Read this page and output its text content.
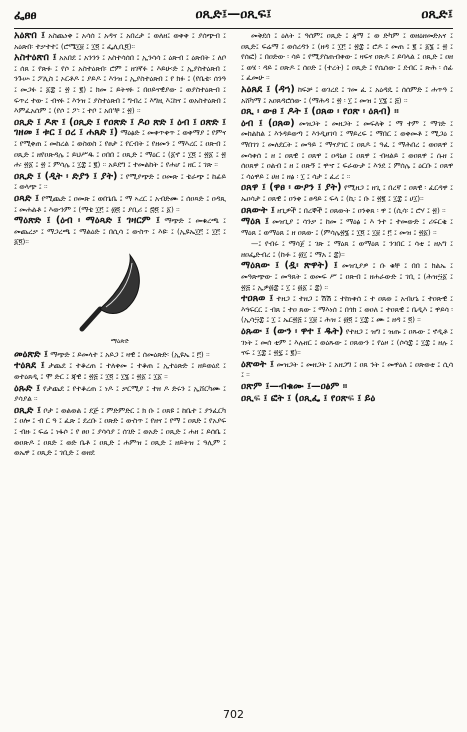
ፌፀፀ	ዐጺድ፤—ዐጺፍ፤	ዐጺድ፤
አዕጽበ ፤ አስጨነቀ ፤ አሳሰ ፤ አዳና ፤ አበረታ ፤ ወለዘ፤ ወቀቀ ፤ ያሰጭብ ፤ አዕጽበ፡ ተቃተተ፤ (ሮሜ፲፱ ፤ ፲፬ ፤ ፌሊቢ፬)።
አስተዕጽበ ፤ አአበደ ፤ አንንን ፤ አስተሳሰበ ፤ ኢንሳሳ ፤ ዕጽብ ፤ ዕጽበት ፤ ለቦ ፤ ሰጸ ፤ የጽፉ ፤ የሶ ፤ አስተዕጽበ፡ ሮም ፤ ዘገኛፉ ፤ እይሁ፡ድ ፤ ኢያስተዕጽበ ፤ ንጉሡ ፤ ፖሊስ ፤ ኦርቶዶ ፤ ያይዶ ፤ እንዝ ፤ ኢያስተዕጽበ ፤ የ ክፉ ፤ (የቤቴ፡ ሰንዓ ፤ መጋፉ ፤ ፩፰ ፤ ፳ ፤ ፪) ፤ ክመ ፤ ይትናፉ ፤ በዐይናዊያው ፤ ወያስተዕጽብ ፤ ፍጥረ ተው ፤ ብናፉ ፤ እንዝ ፤ ያስተዕጽበ ፤ ግብረ ፤ እግዚ እ፤ከና ፤ ወአስተዕጽበ ፤ እምፈአሰም ፤ (የሶ ፤ ፖ፡ ፤ ተቦ ፤ አበ'ቸ ፤ ፳) ።
ዐጺድ ፤ ዶጽ ፤ (ዐጺድ ፤ የዐጽድ ፤ ዶዐ ጽድ ፤ ዕብ ፤ ዐጽድ ፤ ገዘመ ፤ ቱር ፤ ዐረ ፤ ሐጸድ ፤) ማዕፅድ ፤ መቀጥቀጥ ፤ ወቀማያ ፤ የምና ፤ የሚቀጠ ፤ መከረል ፤ ወስወስ ፤ የፀታ ፤ የርብት ፤ የዘመን ፤ ማእረር ፤ ዐጽብ ፤ ዐጺድ ፤ ዘየዐጽዳሌ ፤ ይህሥዱ ፤ ዐበበ ፤ ዐጺድ ፤ ማዕር ፤ (፩ኖ ፤ ፲፬ ፤ ፳፩ ፤ ፳ ሐ፡ ፳፩ ፤ ፳ ፤ ምሳሌ ፤ ፲፰ ፤ ፪) ። አይደግ ፤ ተመልከት ፤ የሐሆ ፤ ዘር ፤ ገጽ ።
ዐጺድ ፤ (ዲት ፡ ድያን ፤ ያት) ፤ የሚያጭድ ፤ ዐመጽ ፤ ቴራጭ ፤ ከፊይ ፤ ወላጭ ፤ ።
ዐጻድ ፤ የሚጨድ ፤ ዐመጽ ፤ ወበጌቤ ፤ ማ ኣረር ፤ አብድሙ ፤ ሰዐጻድ ፤ ዐዳጺ ፤ መሐልቶ ፤ እውንም ፤ (ማቴ ፲፫ ፤ ፴፬ ፤ ያቢሪ ፤ ፷፬ ፤ ፩) ።
ማዕጽድ ፤ (ዕብ ፡ ማዕጻድ ፤ ገዛርም ፤ ማጭድ ፤ መቁረጫ ፤ መጨረቃ ፤ ማጋረጫ ፤ ማልዕድ ፤ በሲሳ ፤ ውስጥ ፤ እዩ፡ ፤ (ኢዩኤ፲፫ ፤ ፲፫ ፤ ፩፬)።
ማዕጽድ
መዕጽድ ፤ ማጭድ ፤ ይመላተ ፤ አይጋ ፤ ዛዊ ፤ ሰመዕጽድ፡ (ኢዩኤ ፤ ፫) ።
ተዕጸደ ፤ ታጨደ ፤ ተቆረጠ ፤ ተለቀመ ፤ ተቆጠ ፤ ኢተዕጽድ ፤ ዘይወዕደ ፤ ወተዕጸዲ ፤ ሞ ድር ፤ ጃዊ ፤ ፳፭ ፤ ፲፬ ፤ ፲፮ ፤ ፳፩ ፤ ፲፩ ።
ዕጹድ ፤ የታጨደ ፤ የተቆረጠ ፤ ነዶ ፤ ቃርሚያ ፤ ተዘ ዶ ድሩን ፤ ኢሸርካሙ ፤ ያሳያል ።
ዐጺድ ፤ ቦታ ፤ ወልወል ፤ ደጅ ፤ ምድምድር ፤ ክ ቡ ፤ ዐጸዩ ፤ ከቤተ ፤ ያንፈርካ ፤ ዐሎ ፤ ብ ር ዓ ፤ ፈጽ ፤ ደረቡ ፤ ዐጽድ ፤ ውስጥ ፤ የዘና ፤ የማ ፤ ዐጸድ ፤ የአያፍ ፤ ብዙ ፤ ፍሬ ፤ ነፋሶ ፤ የ ፀዐ ፤ ያሳሳያ ፤ ሰገድ ፤ ወአድ ፤ ዐጺድ ፤ ሐዘ ፤ ይሰቤ ፤ ወዐጽዶ ፤ ዐጸድ ፤ ወድ ቤቶ ፤ ዐጺድ ፤ ሐምዝ ፤ ዐጺድ ፤ ዘይትዝ ፤ ዓሊም ፤ ወኤዋ ፤ ዐጺድ ፤ ገቢድ ፤ ወዘደ
መቅደሰ ፤ ዕለት ፤ ዓሰም፤ ዐጺድ ፤ ዻማ ፤ ወ ድካም ፤ ወዘዕዘመድአና ፤ ዐጺድ፤ ፍሬማ ፤ ወሰረዳን ፤ (ዘዳ ፤ ፲፫ ፤ ፳፰ ፤ ሮዶ ፤ መጠ ፤ ፪ ፤ ፩፮ ፤ ፳ ፤ የሰፎ) ፤ በዐድው ፡ ሳይ ፤ የሚያስጠብቀው ፤ ዛፍና ዐጽዶ ፤ ይባላል ፤ ዐጺድ ፤ ዐዘ ፤ ወሄ ፡ ዳይ ፤ ዐጽዶ ፤ ሰዐድ ፤ (ተረት) ፤ ዐጺድ ፤ የሴሰው ፤ ደብር ፤ ጽሕ ፡ ሰፊ ፤ ፈመሁ ።
አዕጸደ ፤ (ዳኀ) ከፍቻ ፤ ወገረደ ፤ ገመ ፈ ፤ አዕዳዴ ፤ ሰሰምድ ፤ ሐጥዓ ፤ አሸካማ ፤ አዐጸዳሮሰው ፤ (ማሕዳ ፤ ፳ ፡ ፲ ፤ መዝ ፤ ፲፮ ፤ ፭) ።
ዐጺ ፡ ውፀ ፤ ዶት ፤ (ዐጸወ ፡ የዐጽ ፡ ዕጸብ) ።
ዕብ ፤ (ዐጸወ) መዝጋት ፤ መዘጋት ፤ መፍለቅ ፤ ማ ተም ፤ ማገድ ፤ መከልከል ፤ እንዳይወጣ ፤ እንዲፀገባ ፤ ማይረፍ ፤ ማበር ፤ ወቀመቶ ፤ ሚጋዕ ፤ ማበገገ ፤ መለደርት ፤ መዓይ ፤ ማናያገር ፤ ዐጸዶ ፤ ዓፈ ፤ ማሕበረ ፤ ወዐጸዋ ፤ መሳቀሰ ፤ ዘ ፤ ዐጸዊ ፤ ዐጸዋ ፤ ዐዳኒፀ ፤ ዐጸዋ ፤ ብዛልይ ፤ ወዐጸዋ ፤ ሱዘ ፤ ሰዐጸዋ ፤ ዐልብ ፤ ዘ ፤ ዐጽኝ ፤ ዋኆ ፤ ፍራውታ ፤ እንደ ፤ ምሰሌ ፤ ዕርቡ ፤ ዐጸዋ ፤ ሳዕዋይ ፤ ሀዘ ፤ ዘፅ ፡ ፲ ፤ ሳታ ፤ ፈረ ፤ ።
ዐጸዋ ፤ (ዋፀ ፡ ውዖን ፤ ያት) የሚዘጋ ፤ ዘጊ ፤ በረኛ ፤ ዐጸዊ ፡ ፈርዳዋ ፤ ኤዐሳታ ፤ ዐጸዊ ፤ ዐንቀ ፤ ፀዳይ ፤ ፍላ ፤ (ኪ፡ ፤ ቡ ፤ ፳፪ ፤ ፲፰ ፤ ሀ፲)።
ዐጸውት ፤ ዘጊዎች ፤ በረኞች ፤ ዐጸውት ፤ ዐንቀጸ ፡ ዋ ፤ (ሲሳ፡ ፤ ሮሃ ፤ ፳) ።
ማዕጸ ፤ መዝጊያ ፤ ሳንቃ ፤ ከመ ፤ ማዕፅ ፤ እ ንተ ፤ ተመውድ ፤ ሪፍርቂ ፤ ማዕጸ ፤ ወማዕጸ ፤ ዘ ዐጸው ፤ (ምሳሌ፳፮ ፤ ፲፬ ፤ ፲፱ ፤ ፫ ፤ መዝ ፤ ፳፩) ።
—፤ የብሩ ፤ ማሳጀ ፤ ገጽ ፤ ማዕጸ ፤ ወማዕጸ ፤ ንገበር ፤ ሳቲ ፤ ዘአግ ፤ ዘዐፌድብረ ፤ (ኩፉ ፤ ፴፲ ፤ ማአ ፤ ፰)።
ማዕጸው ፤ (ዷ፡ ጽዋት) ፤ መዝጊያዎ ፤ ቡ ቁቸ ፤ በበ ፤ ክልኤ ፤ መዓጽጭው ፤ መዓጸት ፤ ወመፍ ሥ ፤ ዐጽብ ፤ ዘሐራውድ ፤ ገቢ ፤ (ሕዝ፵፩ ፤ ፳፭ ፤ ኢዎ፴፰ ፤ ፲ ፤ ፴፩ ፤ ፰) ።
ተዐጸወ ፤ ተዘጋ ፤ ተዘጋ ፤ ሽሽ ፤ ተከነቀሰ ፤ ተ ዐጸወ ፤ አብሆኒ ፤ ተዐጽዊ ፤ እጓፍርር ፤ ብጸ ፤ ተዐ ጸው ፤ ማእነሰ ፤ በጎክ ፤ ወዐለ ፤ ተዐጸዊ ፤ ቤዲእ ፤ ዋይሳ ፡ (ኢሳ፵፰ ፤ ፲ ፤ ኤር፳፭ ፤ ፲፱ ፤ ሕዝ ፤ ፴፬ ፤ ፲፰ ፤ ሙ ፤ ዘዳ ፤ ፬) ።
ዕጹው ፤ (ውን ፡ ዋተ ፤ ዱት) የተዘጋ ፤ ዝግ ፤ ዝጡ ፤ ዐጹው ፤ ኖዲቶ ፤ ገነት ፤ መሰ ቲም ፤ እሉዘር ፤ ወዕጹው ፤ ዐጸውን ፤ የዕዞ ፤ (ሶሳ፰ ፤ ፲፰ ፤ ዘሉ ፤ ናፍ ፤ ፲፰ ፤ ፳፯ ፤ ፪)።
ዕጽወት ፤ መዝጋት ፤ መዘጋት ፤ አዘጋግ ፤ ዐጸ ንት ፤ መዋዕለ ፤ ዐጽወቲ ፤ ሲሳ ፤ ።
ዐጽም ፤—ብቁሙ ፤—ዐፅም ።
ዐጺፍ ፤ ፎት ፤ (ዐጺፌ ፤ የዐጽፍ ፤ ይዕ
702
